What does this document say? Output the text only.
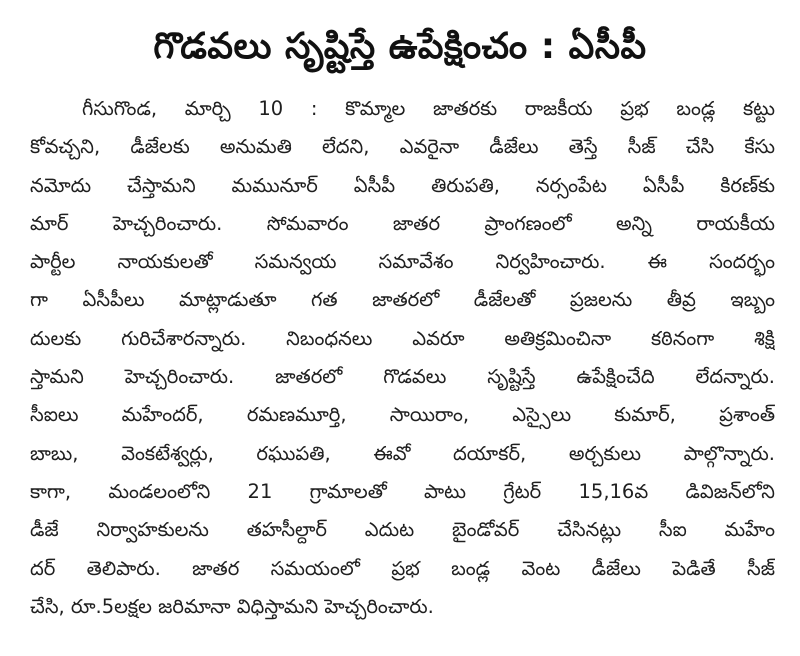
గొడవలు సృష్టిస్తే ఉపేక్షించం : ఏసీపీ
గీసుగొండ, మార్చి 10 : కొమ్మాల జాతరకు రాజకీయ ప్రభ బండ్ల కట్టు
కోవచ్చని, డీజేలకు అనుమతి లేదని, ఎవరైనా డీజేలు తెస్తే సీజ్ చేసి కేసు
నమోదు చేస్తామని మమునూర్ ఏసీపీ తిరుపతి, నర్సంపేట ఏసీపీ కిరణ్‌కు
మార్ హెచ్చరించారు. సోమవారం జాతర ప్రాంగణంలో అన్ని రాయకీయ
పార్టీల నాయకులతో సమన్వయ సమావేశం నిర్వహించారు. ఈ సందర్భం
గా ఏసీపీలు మాట్లాడుతూ గత జాతరలో డీజేలతో ప్రజలను తీవ్ర ఇబ్బం
దులకు గురిచేశారన్నారు. నిబంధనలు ఎవరూ అతిక్రమించినా కఠినంగా శిక్షి
స్తామని హెచ్చరించారు. జాతరలో గొడవలు సృష్టిస్తే ఉపేక్షించేది లేదన్నారు.
సీఐలు మహేందర్, రమణమూర్తి, సాయిరాం, ఎస్సైలు కుమార్, ప్రశాంత్
బాబు, వెంకటేశ్వర్లు, రఘుపతి, ఈవో దయాకర్, అర్చకులు పాల్గొన్నారు.
కాగా, మండలంలోని 21 గ్రామాలతో పాటు గ్రేటర్ 15,16వ డివిజన్‌లోని
డీజే నిర్వాహకులను తహసీల్దార్ ఎదుట బైండోవర్ చేసినట్లు సీఐ మహేం
దర్ తెలిపారు. జాతర సమయంలో ప్రభ బండ్ల వెంట డీజేలు పెడితే సీజ్
చేసి, రూ.5లక్షల జరిమానా విధిస్తామని హెచ్చరించారు.
